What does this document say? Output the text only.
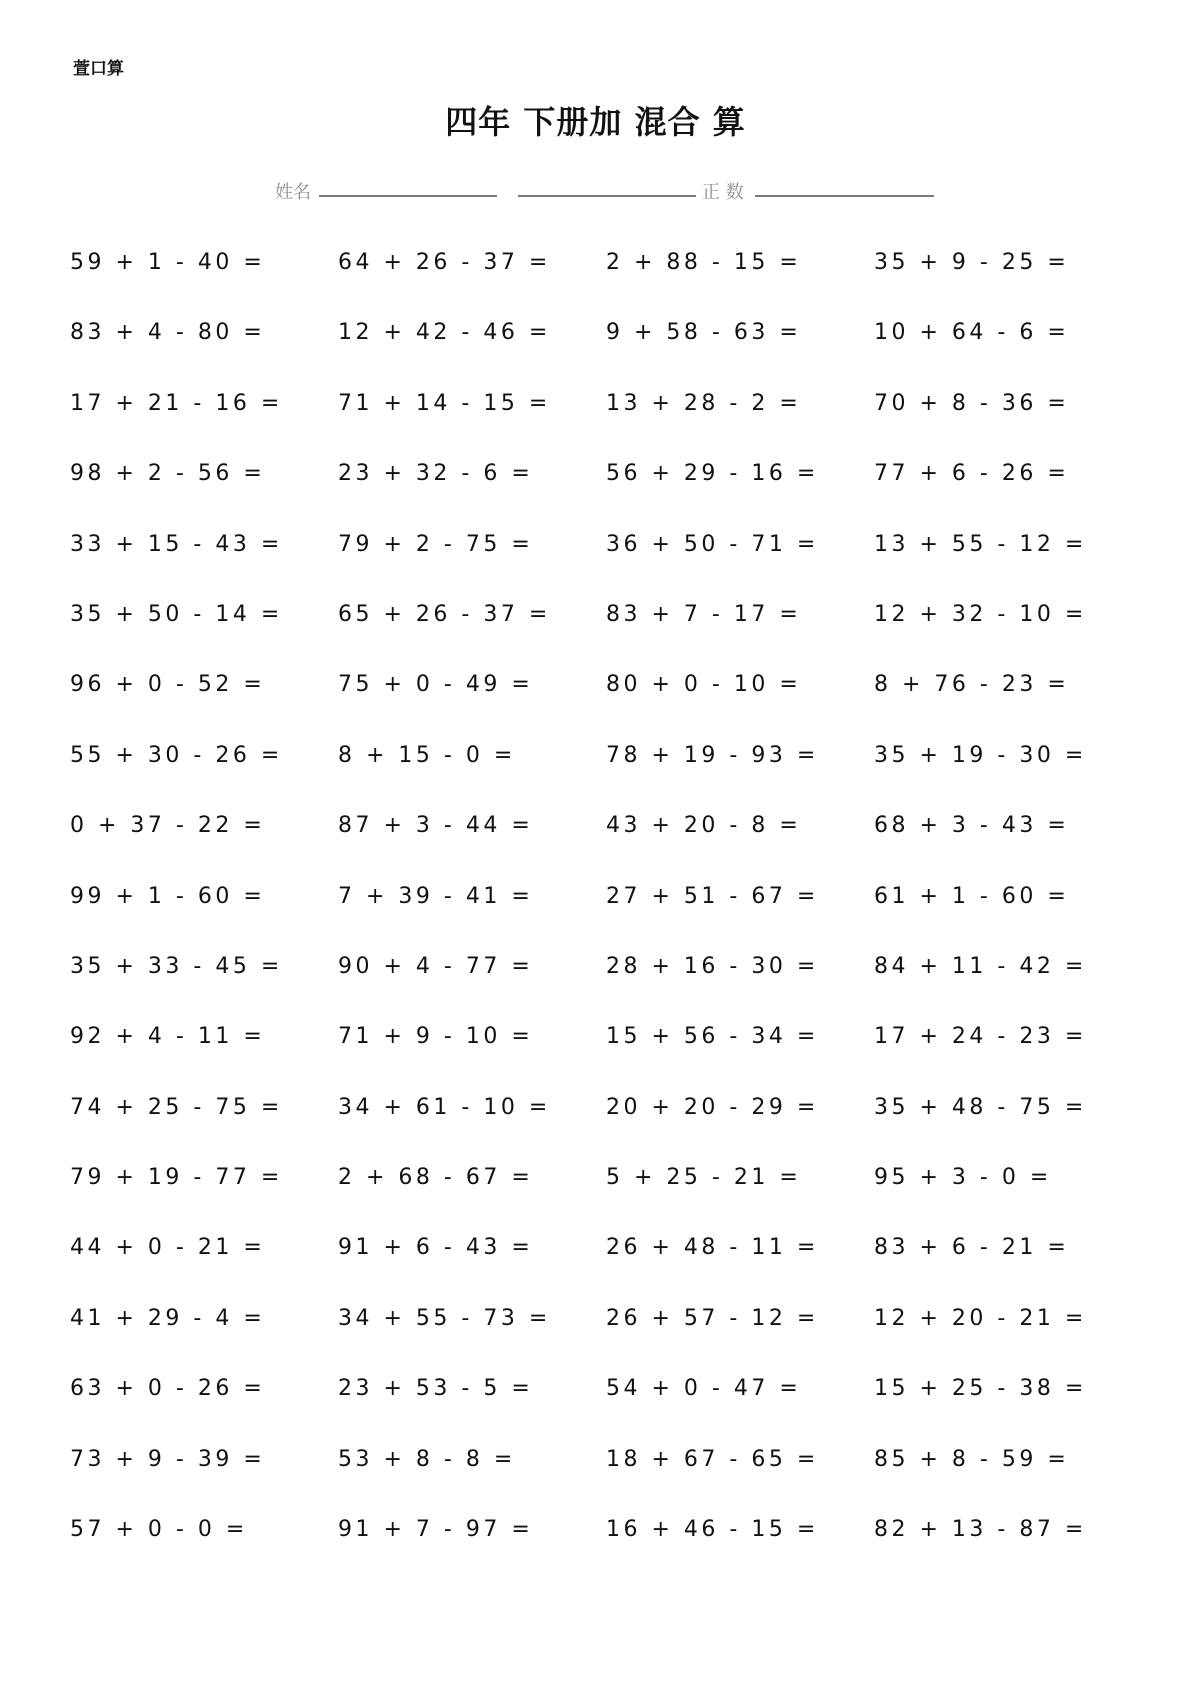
萱口算
四年 下册加 混合 算
姓名	正 数
59 + 1 - 40 =	64 + 26 - 37 =	2 + 88 - 15 =	35 + 9 - 25 =
83 + 4 - 80 =	12 + 42 - 46 =	9 + 58 - 63 =	10 + 64 - 6 =
17 + 21 - 16 =	71 + 14 - 15 =	13 + 28 - 2 =	70 + 8 - 36 =
98 + 2 - 56 =	23 + 32 - 6 =	56 + 29 - 16 =	77 + 6 - 26 =
33 + 15 - 43 =	79 + 2 - 75 =	36 + 50 - 71 =	13 + 55 - 12 =
35 + 50 - 14 =	65 + 26 - 37 =	83 + 7 - 17 =	12 + 32 - 10 =
96 + 0 - 52 =	75 + 0 - 49 =	80 + 0 - 10 =	8 + 76 - 23 =
55 + 30 - 26 =	8 + 15 - 0 =	78 + 19 - 93 =	35 + 19 - 30 =
0 + 37 - 22 =	87 + 3 - 44 =	43 + 20 - 8 =	68 + 3 - 43 =
99 + 1 - 60 =	7 + 39 - 41 =	27 + 51 - 67 =	61 + 1 - 60 =
35 + 33 - 45 =	90 + 4 - 77 =	28 + 16 - 30 =	84 + 11 - 42 =
92 + 4 - 11 =	71 + 9 - 10 =	15 + 56 - 34 =	17 + 24 - 23 =
74 + 25 - 75 =	34 + 61 - 10 =	20 + 20 - 29 =	35 + 48 - 75 =
79 + 19 - 77 =	2 + 68 - 67 =	5 + 25 - 21 =	95 + 3 - 0 =
44 + 0 - 21 =	91 + 6 - 43 =	26 + 48 - 11 =	83 + 6 - 21 =
41 + 29 - 4 =	34 + 55 - 73 =	26 + 57 - 12 =	12 + 20 - 21 =
63 + 0 - 26 =	23 + 53 - 5 =	54 + 0 - 47 =	15 + 25 - 38 =
73 + 9 - 39 =	53 + 8 - 8 =	18 + 67 - 65 =	85 + 8 - 59 =
57 + 0 - 0 =	91 + 7 - 97 =	16 + 46 - 15 =	82 + 13 - 87 =
